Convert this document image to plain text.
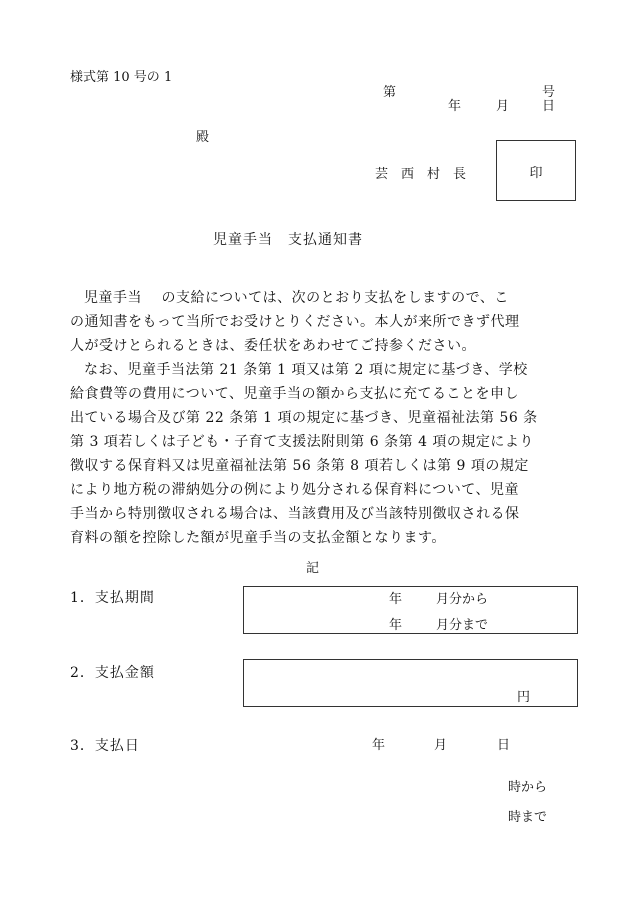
様式第 10 号の 1
第	号
年	月	日
殿
芸　西　村　長	印
児童手当　支払通知書
児童手当　 の支給については、次のとおり支払をしますので、こ
の通知書をもって当所でお受けとりください。本人が来所できず代理
人が受けとられるときは、委任状をあわせてご持参ください。
なお、児童手当法第 21 条第 1 項又は第 2 項に規定に基づき、学校
給食費等の費用について、児童手当の額から支払に充てることを申し
出ている場合及び第 22 条第 1 項の規定に基づき、児童福祉法第 56 条
第 3 項若しくは子ども・子育て支援法附則第 6 条第 4 項の規定により
徴収する保育料又は児童福祉法第 56 条第 8 項若しくは第 9 項の規定
により地方税の滞納処分の例により処分される保育料について、児童
手当から特別徴収される場合は、当該費用及び当該特別徴収される保
育料の額を控除した額が児童手当の支払金額となります。
記
1．支払期間	年	月分から
年	月分まで
2．支払金額
円
3．支払日	年	月	日
時から
時まで
